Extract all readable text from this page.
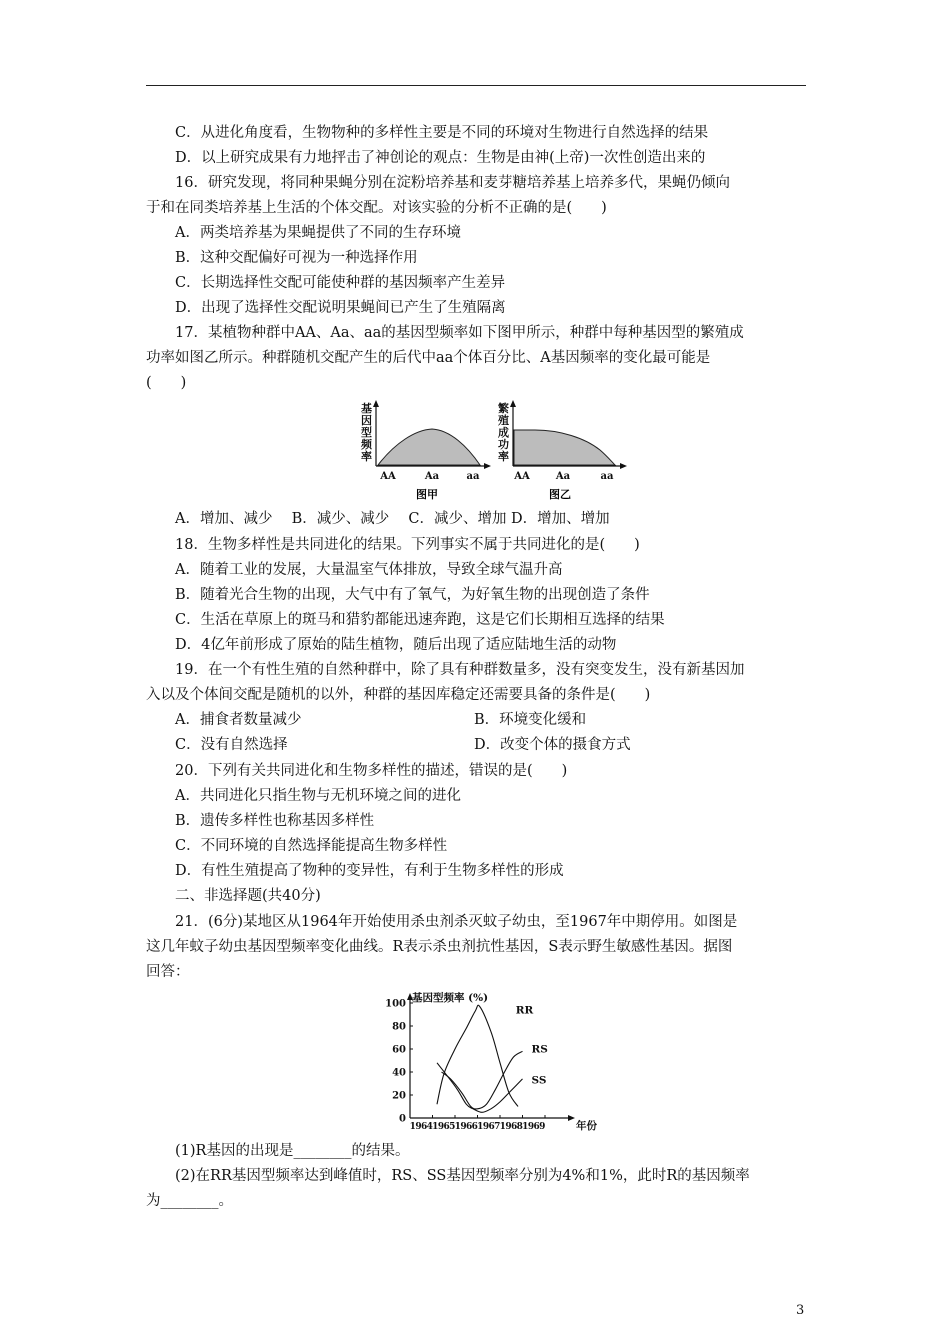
C．从进化角度看，生物物种的多样性主要是不同的环境对生物进行自然选择的结果
D．以上研究成果有力地抨击了神创论的观点：生物是由神(上帝)一次性创造出来的
16．研究发现，将同种果蝇分别在淀粉培养基和麦芽糖培养基上培养多代，果蝇仍倾向
于和在同类培养基上生活的个体交配。对该实验的分析不正确的是(　　)
A．两类培养基为果蝇提供了不同的生存环境
B．这种交配偏好可视为一种选择作用
C．长期选择性交配可能使种群的基因频率产生差异
D．出现了选择性交配说明果蝇间已产生了生殖隔离
17．某植物种群中AA、Aa、aa的基因型频率如下图甲所示，种群中每种基因型的繁殖成
功率如图乙所示。种群随机交配产生的后代中aa个体百分比、A基因频率的变化最可能是
(　　)
基
因
型
频
率
AA	Aa	aa
图甲
繁
殖
成
功
率
AA	Aa	aa
图乙
A．增加、减少　 B．减少、减少　 C．减少、增加 D．增加、增加
18．生物多样性是共同进化的结果。下列事实不属于共同进化的是(　　)
A．随着工业的发展，大量温室气体排放，导致全球气温升高
B．随着光合生物的出现，大气中有了氧气，为好氧生物的出现创造了条件
C．生活在草原上的斑马和猎豹都能迅速奔跑，这是它们长期相互选择的结果
D．4亿年前形成了原始的陆生植物，随后出现了适应陆地生活的动物
19．在一个有性生殖的自然种群中，除了具有种群数量多，没有突变发生，没有新基因加
入以及个体间交配是随机的以外，种群的基因库稳定还需要具备的条件是(　　)
A．捕食者数量减少	B．环境变化缓和
C．没有自然选择	D．改变个体的摄食方式
20．下列有关共同进化和生物多样性的描述，错误的是(　　)
A．共同进化只指生物与无机环境之间的进化
B．遗传多样性也称基因多样性
C．不同环境的自然选择能提高生物多样性
D．有性生殖提高了物种的变异性，有利于生物多样性的形成
二、非选择题(共40分)
21．(6分)某地区从1964年开始使用杀虫剂杀灭蚊子幼虫，至1967年中期停用。如图是
这几年蚊子幼虫基因型频率变化曲线。R表示杀虫剂抗性基因，S表示野生敏感性基因。据图
回答：
基因型频率 (%)
年份
0
20
40
60
80
100
1964 1965 1966 1967 1968 1969
RR
RS
SS
(1)R基因的出现是________的结果。
(2)在RR基因型频率达到峰值时，RS、SS基因型频率分别为4%和1%，此时R的基因频率
为________。
3
